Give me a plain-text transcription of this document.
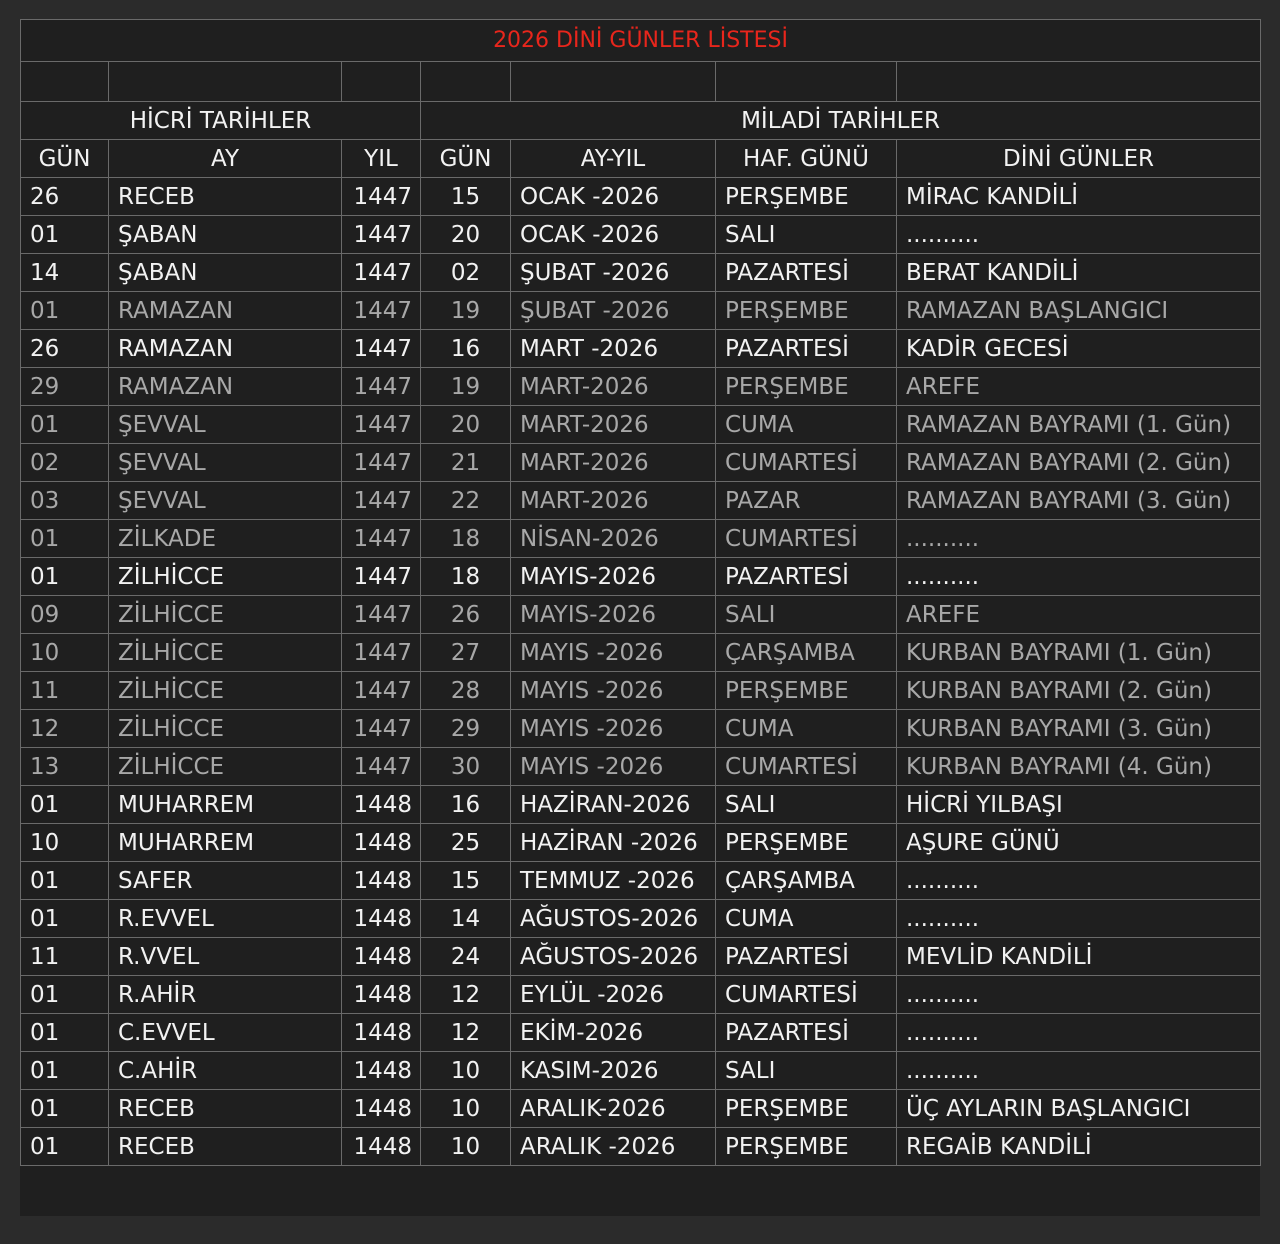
2026 DİNİ GÜNLER LİSTESİ						

HİCRİ TARİHLER			MİLADİ TARİHLER			
GÜN	AY	YIL	GÜN	AY-YIL	HAF. GÜNÜ	DİNİ GÜNLER
26	RECEB	1447	15	OCAK -2026	PERŞEMBE	MİRAC KANDİLİ
01	ŞABAN	1447	20	OCAK -2026	SALI	..........
14	ŞABAN	1447	02	ŞUBAT -2026	PAZARTESİ	BERAT KANDİLİ
01	RAMAZAN	1447	19	ŞUBAT -2026	PERŞEMBE	RAMAZAN BAŞLANGICI
26	RAMAZAN	1447	16	MART -2026	PAZARTESİ	KADİR GECESİ
29	RAMAZAN	1447	19	MART-2026	PERŞEMBE	AREFE
01	ŞEVVAL	1447	20	MART-2026	CUMA	RAMAZAN BAYRAMI (1. Gün)
02	ŞEVVAL	1447	21	MART-2026	CUMARTESİ	RAMAZAN BAYRAMI (2. Gün)
03	ŞEVVAL	1447	22	MART-2026	PAZAR	RAMAZAN BAYRAMI (3. Gün)
01	ZİLKADE	1447	18	NİSAN-2026	CUMARTESİ	..........
01	ZİLHİCCE	1447	18	MAYIS-2026	PAZARTESİ	..........
09	ZİLHİCCE	1447	26	MAYIS-2026	SALI	AREFE
10	ZİLHİCCE	1447	27	MAYIS -2026	ÇARŞAMBA	KURBAN BAYRAMI (1. Gün)
11	ZİLHİCCE	1447	28	MAYIS -2026	PERŞEMBE	KURBAN BAYRAMI (2. Gün)
12	ZİLHİCCE	1447	29	MAYIS -2026	CUMA	KURBAN BAYRAMI (3. Gün)
13	ZİLHİCCE	1447	30	MAYIS -2026	CUMARTESİ	KURBAN BAYRAMI (4. Gün)
01	MUHARREM	1448	16	HAZİRAN-2026	SALI	HİCRİ YILBAŞI
10	MUHARREM	1448	25	HAZİRAN -2026	PERŞEMBE	AŞURE GÜNÜ
01	SAFER	1448	15	TEMMUZ -2026	ÇARŞAMBA	..........
01	R.EVVEL	1448	14	AĞUSTOS-2026	CUMA	..........
11	R.VVEL	1448	24	AĞUSTOS-2026	PAZARTESİ	MEVLİD KANDİLİ
01	R.AHİR	1448	12	EYLÜL -2026	CUMARTESİ	..........
01	C.EVVEL	1448	12	EKİM-2026	PAZARTESİ	..........
01	C.AHİR	1448	10	KASIM-2026	SALI	..........
01	RECEB	1448	10	ARALIK-2026	PERŞEMBE	ÜÇ AYLARIN BAŞLANGICI
01	RECEB	1448	10	ARALIK -2026	PERŞEMBE	REGAİB KANDİLİ
